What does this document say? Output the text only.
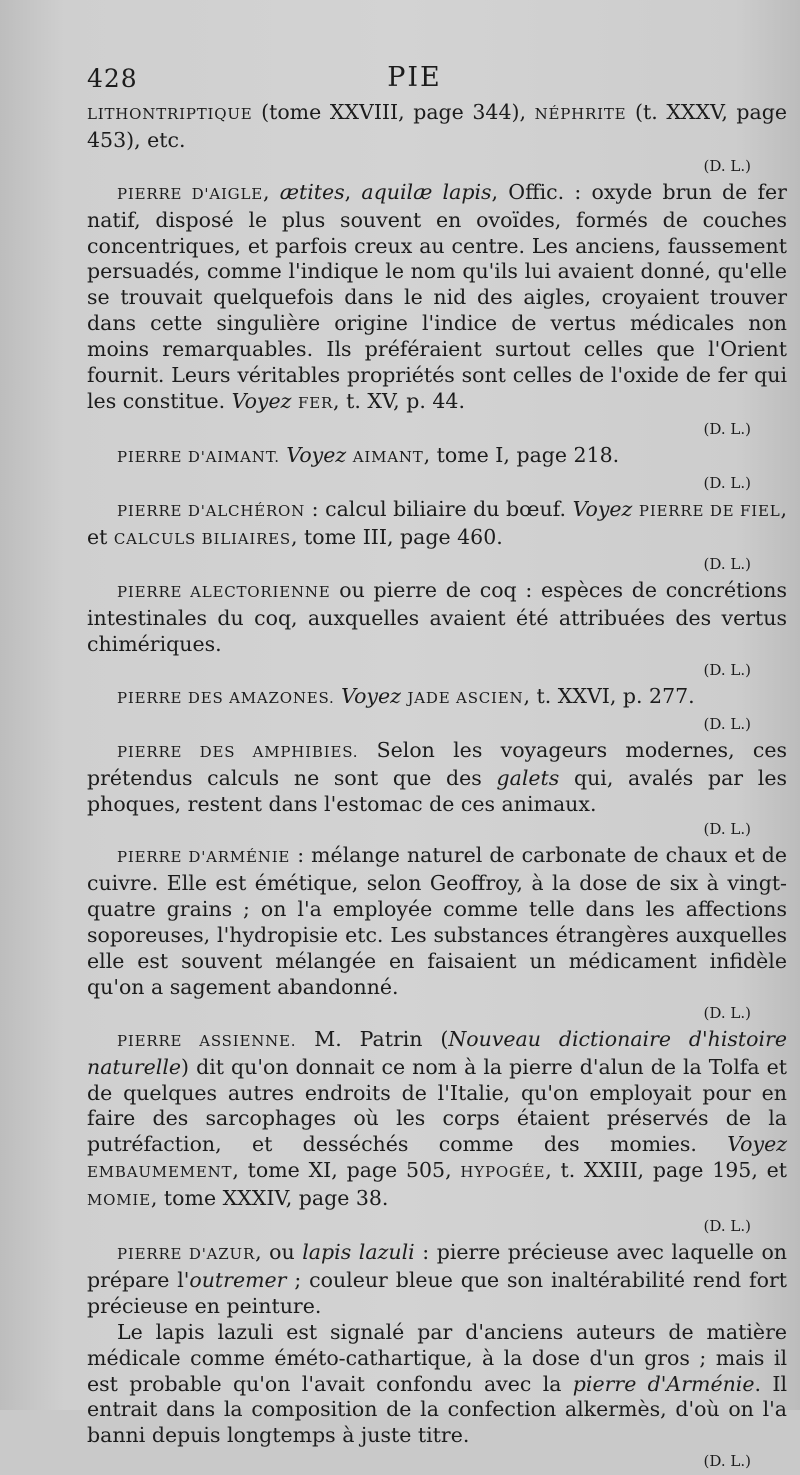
428	PIE

LITHONTRIPTIQUE (tome XXVIII, page 344), NÉPHRITE (t. XXXV, page 453), etc.

(D. L.)

PIERRE D'AIGLE, ætites, aquilæ lapis, Offic. : oxyde brun de fer natif, disposé le plus souvent en ovoïdes, formés de couches concentriques, et parfois creux au centre. Les anciens, faussement persuadés, comme l'indique le nom qu'ils lui avaient donné, qu'elle se trouvait quelquefois dans le nid des aigles, croyaient trouver dans cette singulière origine l'indice de vertus médicales non moins remarquables. Ils préféraient surtout celles que l'Orient fournit. Leurs véritables propriétés sont celles de l'oxide de fer qui les constitue. Voyez FER, t. XV, p. 44.

(D. L.)

PIERRE D'AIMANT. Voyez AIMANT, tome I, page 218.

(D. L.)

PIERRE D'ALCHÉRON : calcul biliaire du bœuf. Voyez PIERRE DE FIEL, et CALCULS BILIAIRES, tome III, page 460.

(D. L.)

PIERRE ALECTORIENNE ou pierre de coq : espèces de concrétions intestinales du coq, auxquelles avaient été attribuées des vertus chimériques.

(D. L.)

PIERRE DES AMAZONES. Voyez JADE ASCIEN, t. XXVI, p. 277.

(D. L.)

PIERRE DES AMPHIBIES. Selon les voyageurs modernes, ces prétendus calculs ne sont que des galets qui, avalés par les phoques, restent dans l'estomac de ces animaux.

(D. L.)

PIERRE D'ARMÉNIE : mélange naturel de carbonate de chaux et de cuivre. Elle est émétique, selon Geoffroy, à la dose de six à vingt-quatre grains ; on l'a employée comme telle dans les affections soporeuses, l'hydropisie etc. Les substances étrangères auxquelles elle est souvent mélangée en faisaient un médicament infidèle qu'on a sagement abandonné.

(D. L.)

PIERRE ASSIENNE. M. Patrin (Nouveau dictionaire d'histoire naturelle) dit qu'on donnait ce nom à la pierre d'alun de la Tolfa et de quelques autres endroits de l'Italie, qu'on employait pour en faire des sarcophages où les corps étaient préservés de la putréfaction, et desséchés comme des momies. Voyez EMBAUMEMENT, tome XI, page 505, HYPOGÉE, t. XXIII, page 195, et MOMIE, tome XXXIV, page 38.

(D. L.)

PIERRE D'AZUR, ou lapis lazuli : pierre précieuse avec laquelle on prépare l'outremer ; couleur bleue que son inaltérabilité rend fort précieuse en peinture.

Le lapis lazuli est signalé par d'anciens auteurs de matière médicale comme éméto-cathartique, à la dose d'un gros ; mais il est probable qu'on l'avait confondu avec la pierre d'Arménie. Il entrait dans la composition de la confection alkermès, d'où on l'a banni depuis longtemps à juste titre.

(D. L.)
